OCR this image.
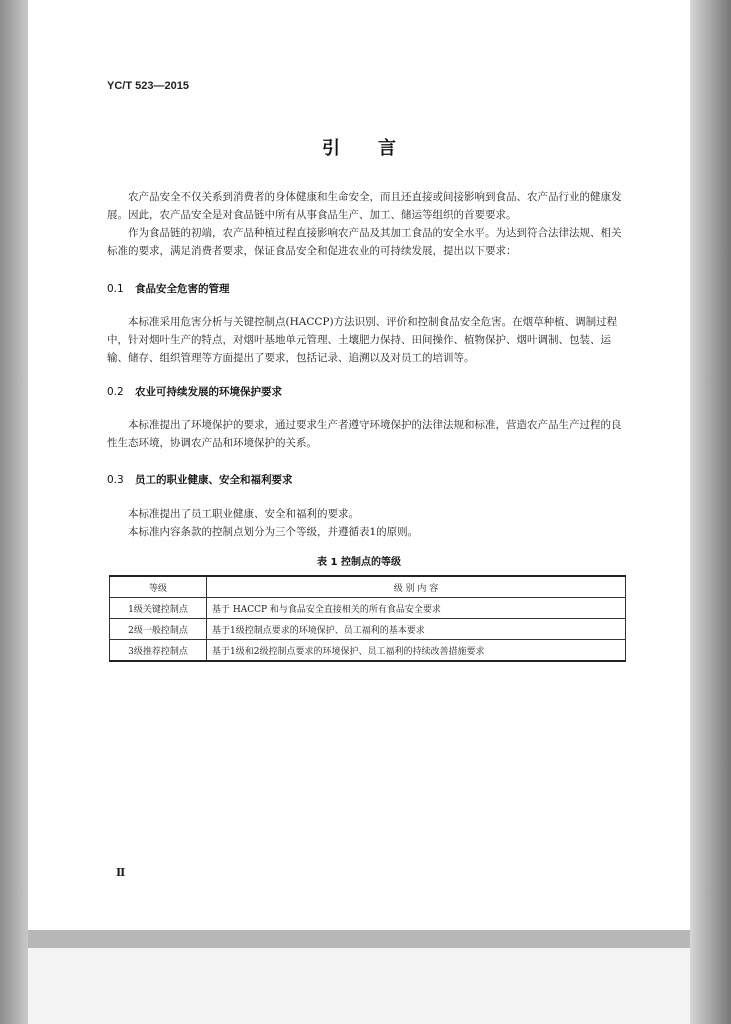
YC/T 523—2015

引言

农产品安全不仅关系到消费者的身体健康和生命安全，而且还直接或间接影响到食品、农产品行业的健康发展。因此，农产品安全是对食品链中所有从事食品生产、加工、储运等组织的首要要求。

作为食品链的初端，农产品种植过程直接影响农产品及其加工食品的安全水平。为达到符合法律法规、相关标准的要求，满足消费者要求，保证食品安全和促进农业的可持续发展，提出以下要求：

0.1 食品安全危害的管理

本标准采用危害分析与关键控制点(HACCP)方法识别、评价和控制食品安全危害。在烟草种植、调制过程中，针对烟叶生产的特点，对烟叶基地单元管理、土壤肥力保持、田间操作、植物保护、烟叶调制、包装、运输、储存、组织管理等方面提出了要求，包括记录、追溯以及对员工的培训等。

0.2 农业可持续发展的环境保护要求

本标准提出了环境保护的要求，通过要求生产者遵守环境保护的法律法规和标准，营造农产品生产过程的良性生态环境，协调农产品和环境保护的关系。

0.3 员工的职业健康、安全和福利要求

本标准提出了员工职业健康、安全和福利的要求。

本标准内容条款的控制点划分为三个等级，并遵循表1的原则。

表 1 控制点的等级

等级	级 别 内 容
1级关键控制点	基于 HACCP 和与食品安全直接相关的所有食品安全要求
2级一般控制点	基于1级控制点要求的环境保护、员工福利的基本要求
3级推荐控制点	基于1级和2级控制点要求的环境保护、员工福利的持续改善措施要求

Ⅱ
